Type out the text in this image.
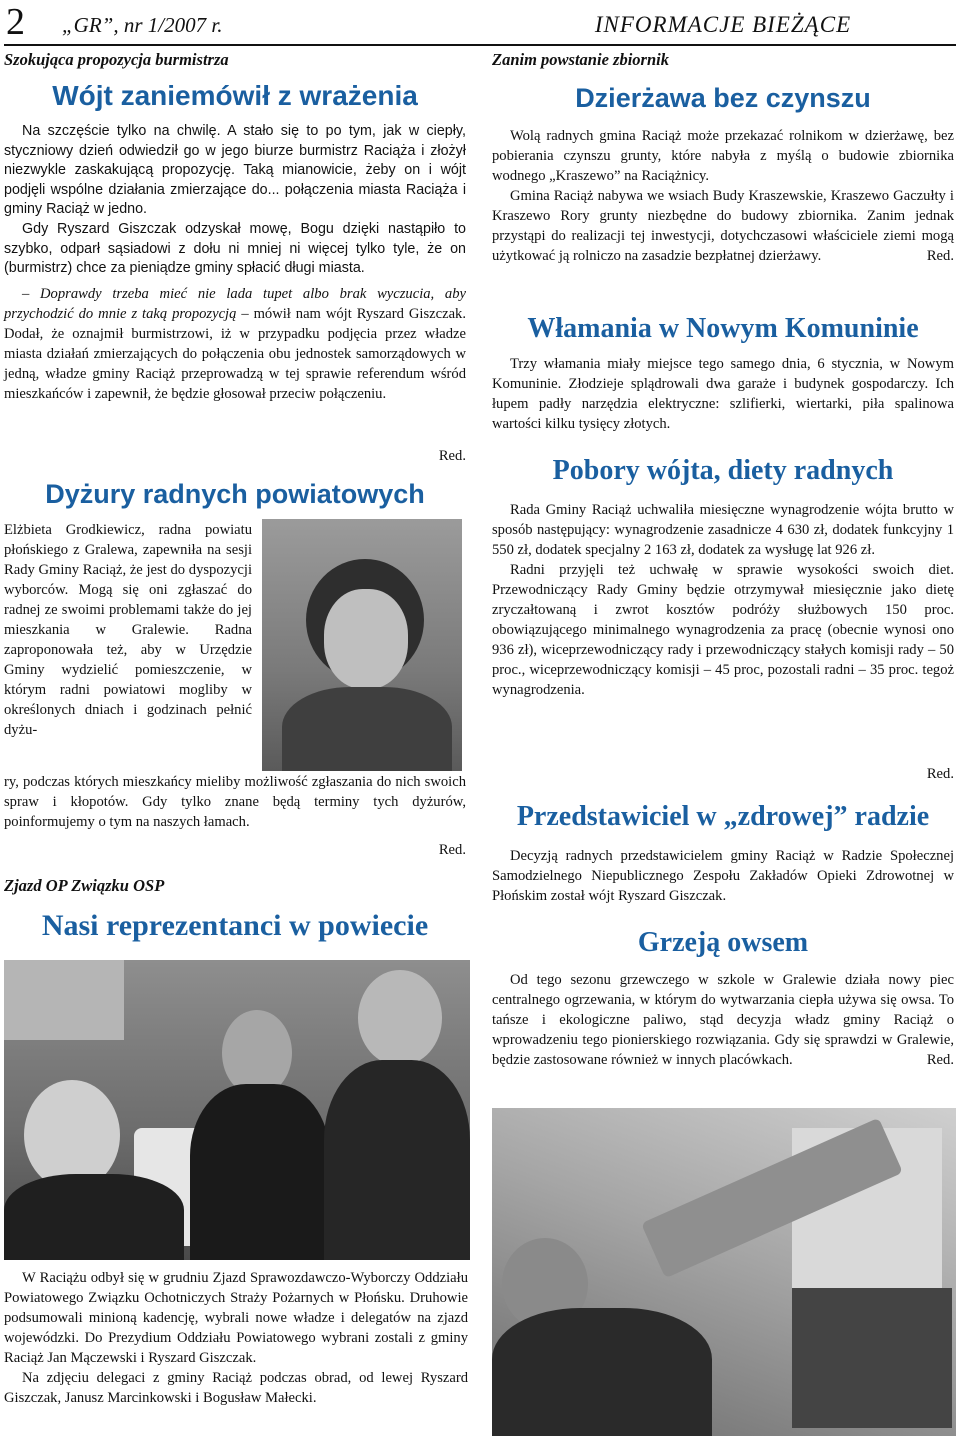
2 „GR”, nr 1/2007 r.	INFORMACJE BIEŻĄCE
Szokująca propozycja burmistrza
Wójt zaniemówił z wrażenia

Na szczęście tylko na chwilę. A stało się to po tym, jak w ciepły, styczniowy dzień odwiedził go w jego biurze burmistrz Raciąża i złożył niezwykle zaskakującą propozycję. Taką mianowicie, żeby on i wójt podjęli wspólne działania zmierzające do... połączenia miasta Raciąża i gminy Raciąż w jedno.

Gdy Ryszard Giszczak odzyskał mowę, Bogu dzięki nastąpiło to szybko, odparł sąsiadowi z dołu ni mniej ni więcej tylko tyle, że on (burmistrz) chce za pieniądze gminy spłacić długi miasta.

– Doprawdy trzeba mieć nie lada tupet albo brak wyczucia, aby przychodzić do mnie z taką propozycją – mówił nam wójt Ryszard Giszczak. Dodał, że oznajmił burmistrzowi, iż w przypadku podjęcia przez władze miasta działań zmierzających do połączenia obu jednostek samorządowych w jedną, władze gminy Raciąż przeprowadzą w tej sprawie referendum wśród mieszkańców i zapewnił, że będzie głosował przeciw połączeniu.

Red.
Dyżury radnych powiatowych

Elżbieta Grodkiewicz, radna powiatu płońskiego z Gralewa, zapewniła na sesji Rady Gminy Raciąż, że jest do dyspozycji wyborców. Mogą się oni zgłaszać do radnej ze swoimi problemami także do jej mieszkania w Gralewie. Radna zaproponowała też, aby w Urzędzie Gminy wydzielić pomieszczenie, w którym radni powiatowi mogliby w określonych dniach i godzinach pełnić dyżu-

ry, podczas których mieszkańcy mieliby możliwość zgłaszania do nich swoich spraw i kłopotów. Gdy tylko znane będą terminy tych dyżurów, poinformujemy o tym na naszych łamach.

Red.
Zjazd OP Związku OSP
Nasi reprezentanci w powiecie

W Raciążu odbył się w grudniu Zjazd Sprawozdawczo-Wyborczy Oddziału Powiatowego Związku Ochotniczych Straży Pożarnych w Płońsku. Druhowie podsumowali minioną kadencję, wybrali nowe władze i delegatów na zjazd wojewódzki. Do Prezydium Oddziału Powiatowego wybrani zostali z gminy Raciąż Jan Mączewski i Ryszard Giszczak.

Na zdjęciu delegaci z gminy Raciąż podczas obrad, od lewej Ryszard Giszczak, Janusz Marcinkowski i Bogusław Małecki.

Zanim powstanie zbiornik
Dzierżawa bez czynszu

Wolą radnych gmina Raciąż może przekazać rolnikom w dzierżawę, bez pobierania czynszu grunty, które nabyła z myślą o budowie zbiornika wodnego „Kraszewo” na Raciążnicy.

Gmina Raciąż nabywa we wsiach Budy Kraszewskie, Kraszewo Gaczułty i Kraszewo Rory grunty niezbędne do budowy zbiornika. Zanim jednak przystąpi do realizacji tej inwestycji, dotychczasowi właściciele ziemi mogą użytkować ją rolniczo na zasadzie bezpłatnej dzierżawy.	Red.

Włamania w Nowym Komuninie

Trzy włamania miały miejsce tego samego dnia, 6 stycznia, w Nowym Komuninie. Złodzieje splądrowali dwa garaże i budynek gospodarczy. Ich łupem padły narzędzia elektryczne: szlifierki, wiertarki, piła spalinowa wartości kilku tysięcy złotych.

Pobory wójta, diety radnych

Rada Gminy Raciąż uchwaliła miesięczne wynagrodzenie wójta brutto w sposób następujący: wynagrodzenie zasadnicze 4 630 zł, dodatek funkcyjny 1 550 zł, dodatek specjalny 2 163 zł, dodatek za wysługę lat 926 zł.

Radni przyjęli też uchwałę w sprawie wysokości swoich diet. Przewodniczący Rady Gminy będzie otrzymywał miesięcznie jako dietę zryczałtowaną i zwrot kosztów podróży służbowych 150 proc. obowiązującego minimalnego wynagrodzenia za pracę (obecnie wynosi ono 936 zł), wiceprzewodniczący rady i przewodniczący stałych komisji rady – 50 proc., wiceprzewodniczący komisji – 45 proc, pozostali radni – 35 proc. tegoż wynagrodzenia.

Red.
Przedstawiciel w „zdrowej” radzie

Decyzją radnych przedstawicielem gminy Raciąż w Radzie Społecznej Samodzielnego Niepublicznego Zespołu Zakładów Opieki Zdrowotnej w Płońskim został wójt Ryszard Giszczak.

Grzeją owsem

Od tego sezonu grzewczego w szkole w Gralewie działa nowy piec centralnego ogrzewania, w którym do wytwarzania ciepła używa się owsa. To tańsze i ekologiczne paliwo, stąd decyzja władz gminy Raciąż o wprowadzeniu tego pionierskiego rozwiązania. Gdy się sprawdzi w Gralewie, będzie zastosowane również w innych placówkach.	Red.
